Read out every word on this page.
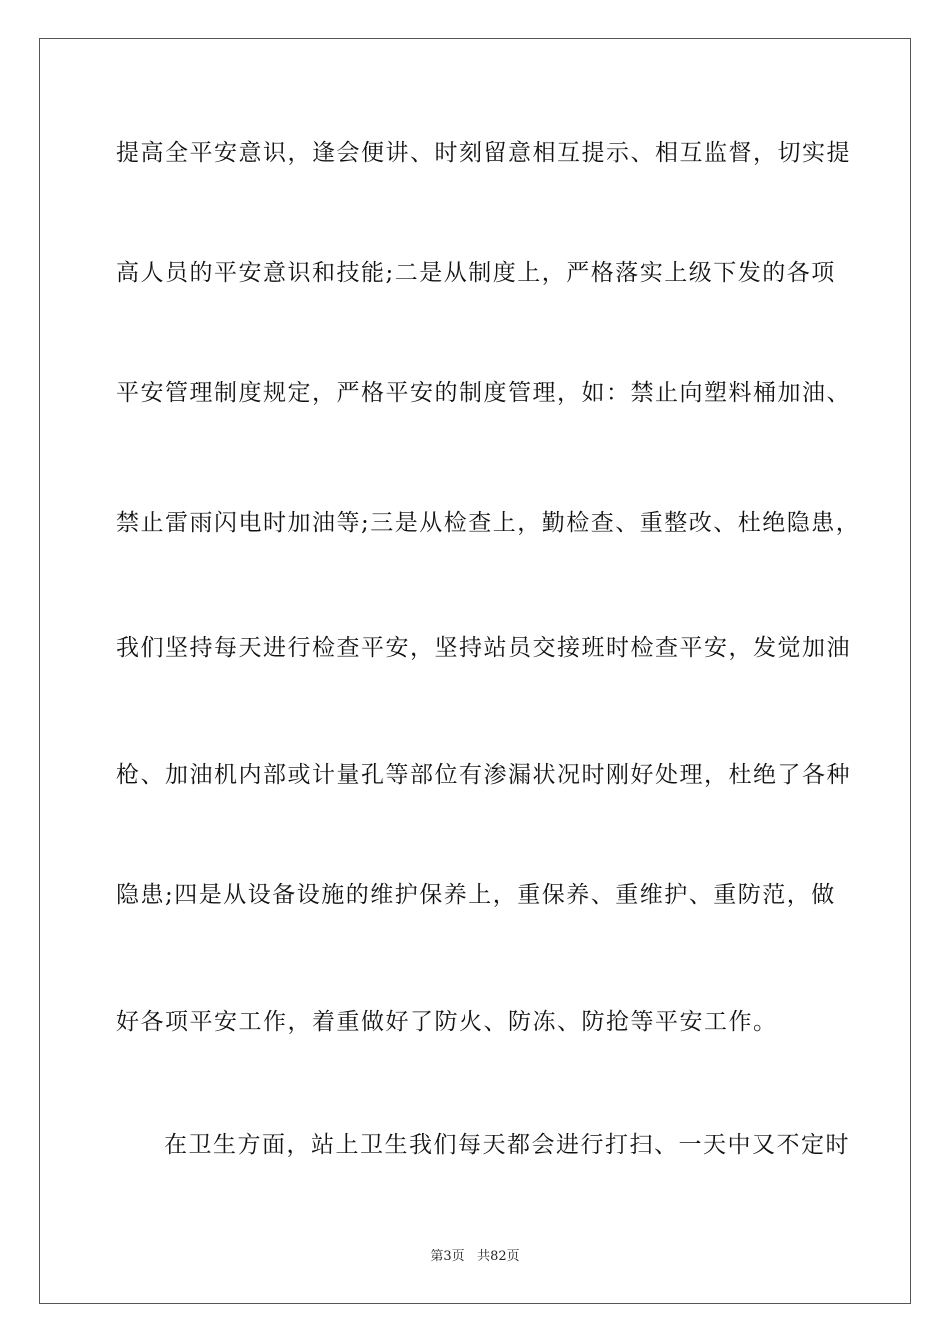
提高全平安意识，逢会便讲、时刻留意相互提示、相互监督，切实提
高人员的平安意识和技能;二是从制度上，严格落实上级下发的各项
平安管理制度规定，严格平安的制度管理，如：禁止向塑料桶加油、
禁止雷雨闪电时加油等;三是从检查上，勤检查、重整改、杜绝隐患，
我们坚持每天进行检查平安，坚持站员交接班时检查平安，发觉加油
枪、加油机内部或计量孔等部位有渗漏状况时刚好处理，杜绝了各种
隐患;四是从设备设施的维护保养上，重保养、重维护、重防范，做
好各项平安工作，着重做好了防火、防冻、防抢等平安工作。
在卫生方面，站上卫生我们每天都会进行打扫、一天中又不定时
第3页 共82页
